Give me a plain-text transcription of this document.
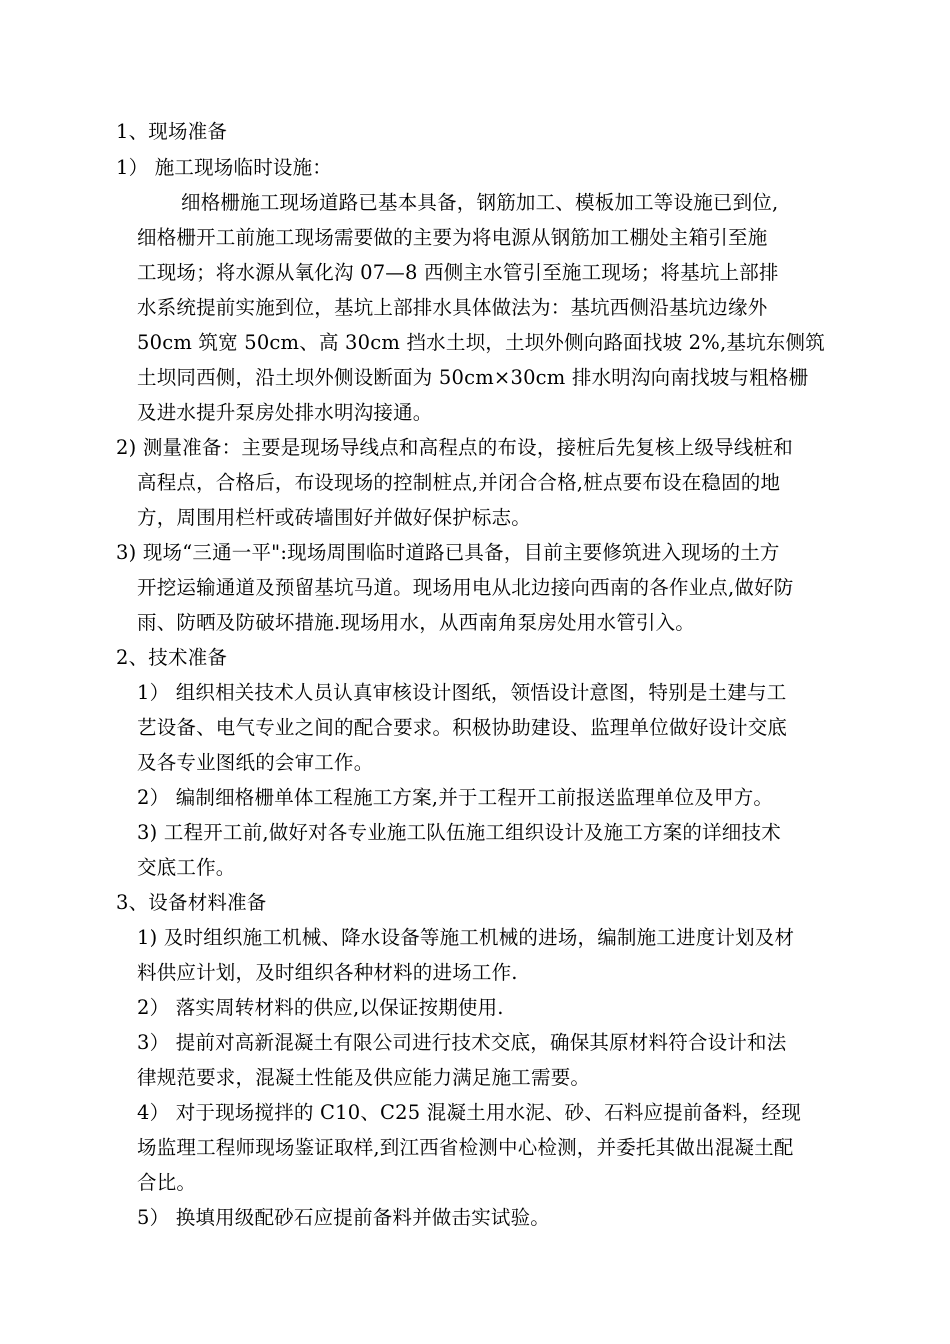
1、现场准备
1） 施工现场临时设施：
细格栅施工现场道路已基本具备，钢筋加工、模板加工等设施已到位,
细格栅开工前施工现场需要做的主要为将电源从钢筋加工棚处主箱引至施
工现场；将水源从氧化沟 07—8 西侧主水管引至施工现场；将基坑上部排
水系统提前实施到位，基坑上部排水具体做法为：基坑西侧沿基坑边缘外
50cm 筑宽 50cm、高 30cm 挡水土坝，土坝外侧向路面找坡 2%,基坑东侧筑
土坝同西侧，沿土坝外侧设断面为 50cm×30cm 排水明沟向南找坡与粗格栅
及进水提升泵房处排水明沟接通。
2) 测量准备：主要是现场导线点和高程点的布设，接桩后先复核上级导线桩和
高程点，合格后，布设现场的控制桩点,并闭合合格,桩点要布设在稳固的地
方，周围用栏杆或砖墙围好并做好保护标志。
3) 现场“三通一平":现场周围临时道路已具备，目前主要修筑进入现场的土方
开挖运输通道及预留基坑马道。现场用电从北边接向西南的各作业点,做好防
雨、防晒及防破坏措施.现场用水，从西南角泵房处用水管引入。
2、技术准备
1） 组织相关技术人员认真审核设计图纸，领悟设计意图，特别是土建与工
艺设备、电气专业之间的配合要求。积极协助建设、监理单位做好设计交底
及各专业图纸的会审工作。
2） 编制细格栅单体工程施工方案,并于工程开工前报送监理单位及甲方。
3) 工程开工前,做好对各专业施工队伍施工组织设计及施工方案的详细技术
交底工作。
3、设备材料准备
1) 及时组织施工机械、降水设备等施工机械的进场，编制施工进度计划及材
料供应计划，及时组织各种材料的进场工作.
2） 落实周转材料的供应,以保证按期使用.
3） 提前对高新混凝土有限公司进行技术交底，确保其原材料符合设计和法
律规范要求，混凝土性能及供应能力满足施工需要。
4） 对于现场搅拌的 C10、C25 混凝土用水泥、砂、石料应提前备料，经现
场监理工程师现场鉴证取样,到江西省检测中心检测，并委托其做出混凝土配
合比。
5） 换填用级配砂石应提前备料并做击实试验。
